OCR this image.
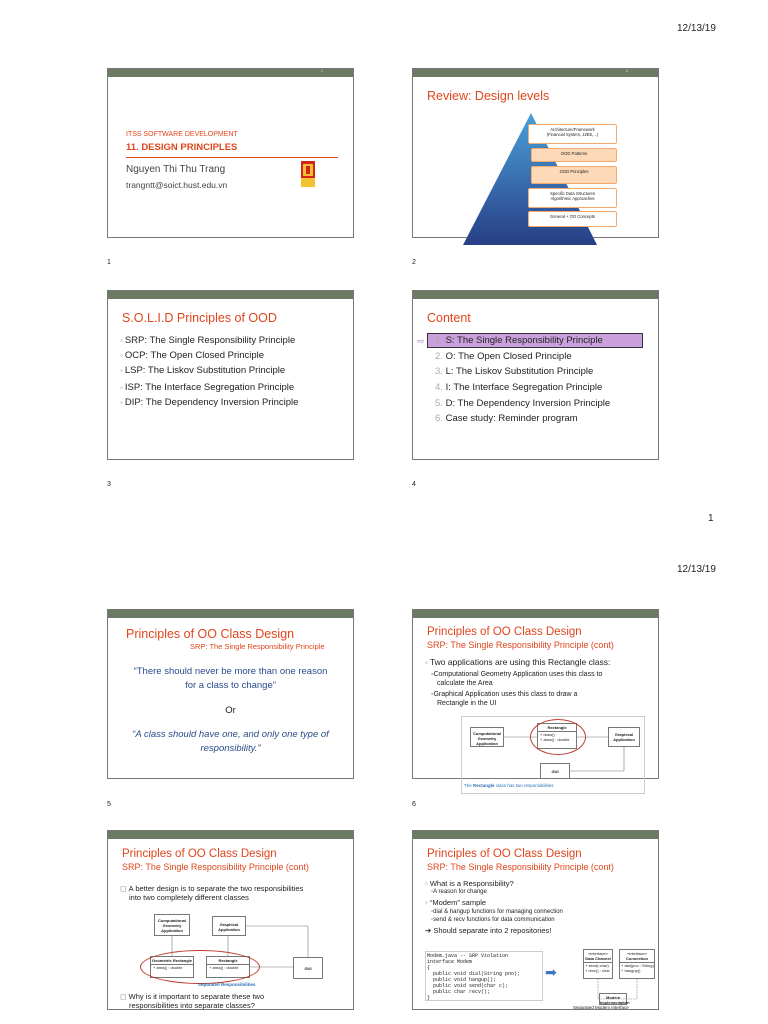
12/13/19
1
ITSS SOFTWARE DEVELOPMENT
11. DESIGN PRINCIPLES
Nguyen Thi Thu Trang
trangntt@soict.hust.edu.vn
1
2
Review: Design levels
Architecture/Framework
(Financial System, J2EE,...)
OOD Patterns
OOD Principles
Specific Data Structures
Algorithmic Approaches
General + OO Concepts
2
S.O.L.I.D Principles of OOD
◦ SRP: The Single Responsibility Principle
◦ OCP: The Open Closed Principle
◦ LSP: The Liskov Substitution Principle
◦ ISP: The Interface Segregation Principle
◦ DIP: The Dependency Inversion Principle
3
Content
⇨ 1. S: The Single Responsibility Principle
2. O: The Open Closed Principle
3. L: The Liskov Substitution Principle
4. I: The Interface Segregation Principle
5. D: The Dependency Inversion Principle
6. Case study: Reminder program
4
1
12/13/19
Principles of OO Class Design
SRP: The Single Responsibility Principle
“There should never be more than one reason
for a class to change”
Or
“A class should have one, and only one type of
responsibility.”
5
Principles of OO Class Design
SRP: The Single Responsibility Principle (cont)
◦ Two applications are using this Rectangle class:
◦Computational Geometry Application uses this class to
calculate the Area
◦Graphical Application uses this class to draw a
Rectangle in the UI
Computational Geometry Application
Rectangle
+ draw()
+ area() : double
Graphical Application
GUI
The Rectangle class has two responsibilities
6
Principles of OO Class Design
SRP: The Single Responsibility Principle (cont)
◻ A better design is to separate the two responsibilities
into two completely different classes
Computational Geometry Application
Graphical Application
Geometric Rectangle
+ area() : double
Rectangle
+ area() : double	GUI
Separated Responsibilities
◻ Why is it important to separate these two
responsibilities into separate classes?
Principles of OO Class Design
SRP: The Single Responsibility Principle (cont)
◦ What is a Responsibility?
◦A reason for change
◦ “Modem” sample
◦dial & hangup functions for managing connection
◦send & recv functions for data communication
➔ Should separate into 2 repositories!
Modem.java -- SRP Violation
interface Modem
{
public void dial(String pno);
public void hangup();
public void send(char c);
public char recv();
}
➡
«interface»
Data Channel
+ send(:char)
+ recv() : char
«interface»
Connection
+ dial(pno : String)
+ hangup()
Modem Implementation
Separated Modem Interface
